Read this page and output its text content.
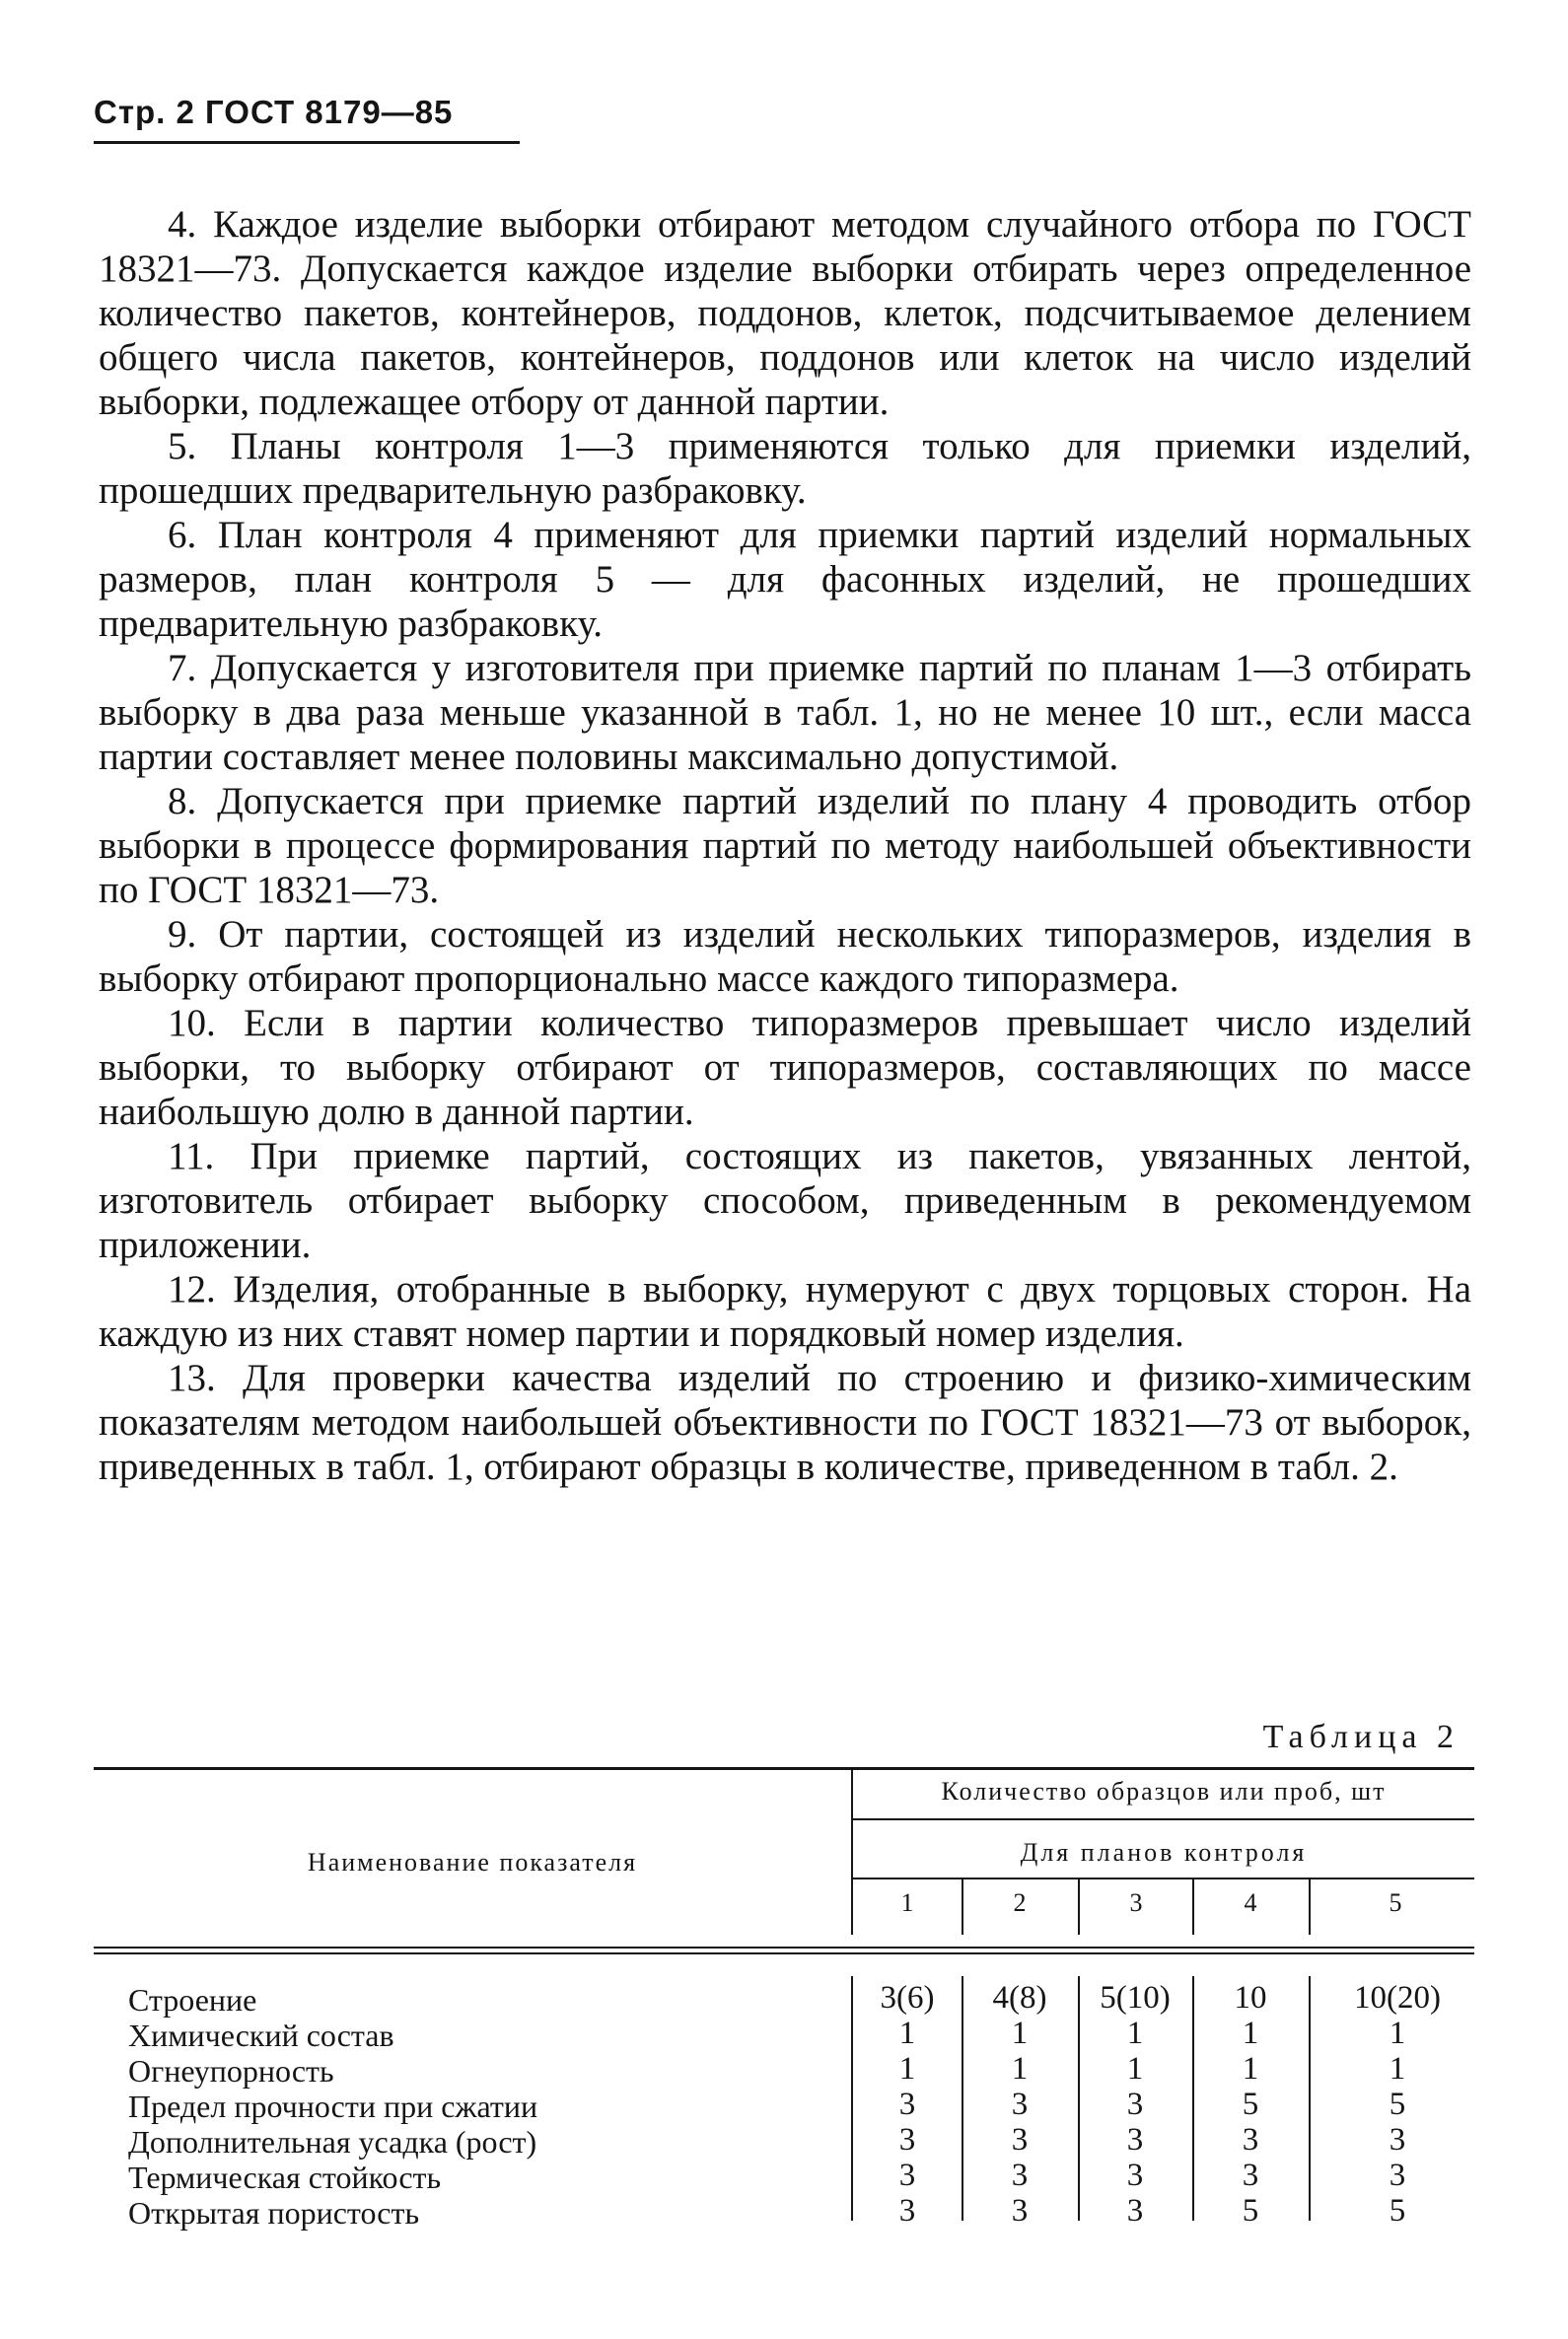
Стр. 2 ГОСТ 8179—85

4. Каждое изделие выборки отбирают методом случайного отбора по ГОСТ 18321—73. Допускается каждое изделие выборки отбирать через определенное количество пакетов, контейнеров, поддонов, клеток, подсчитываемое делением общего числа пакетов, контейнеров, поддонов или клеток на число изделий выборки, подлежащее отбору от данной партии.

5. Планы контроля 1—3 применяются только для приемки изделий, прошедших предварительную разбраковку.

6. План контроля 4 применяют для приемки партий изделий нормальных размеров, план контроля 5 — для фасонных изделий, не прошедших предварительную разбраковку.

7. Допускается у изготовителя при приемке партий по планам 1—3 отбирать выборку в два раза меньше указанной в табл. 1, но не менее 10 шт., если масса партии составляет менее половины максимально допустимой.

8. Допускается при приемке партий изделий по плану 4 проводить отбор выборки в процессе формирования партий по методу наибольшей объективности по ГОСТ 18321—73.

9. От партии, состоящей из изделий нескольких типоразмеров, изделия в выборку отбирают пропорционально массе каждого типоразмера.

10. Если в партии количество типоразмеров превышает число изделий выборки, то выборку отбирают от типоразмеров, составляющих по массе наибольшую долю в данной партии.

11. При приемке партий, состоящих из пакетов, увязанных лентой, изготовитель отбирает выборку способом, приведенным в рекомендуемом приложении.

12. Изделия, отобранные в выборку, нумеруют с двух торцовых сторон. На каждую из них ставят номер партии и порядковый номер изделия.

13. Для проверки качества изделий по строению и физико-химическим показателям методом наибольшей объективности по ГОСТ 18321—73 от выборок, приведенных в табл. 1, отбирают образцы в количестве, приведенном в табл. 2.

Таблица 2
Наименование показателя
Количество образцов или проб, шт
Для планов контроля
1	2	3	4	5
Строение	3(6)	4(8)	5(10)	10	10(20)
Химический состав	1	1	1	1	1
Огнеупорность	1	1	1	1	1
Предел прочности при сжатии	3	3	3	5	5
Дополнительная усадка (рост)	3	3	3	3	3
Термическая стойкость	3	3	3	3	3
Открытая пористость	3	3	3	5	5
